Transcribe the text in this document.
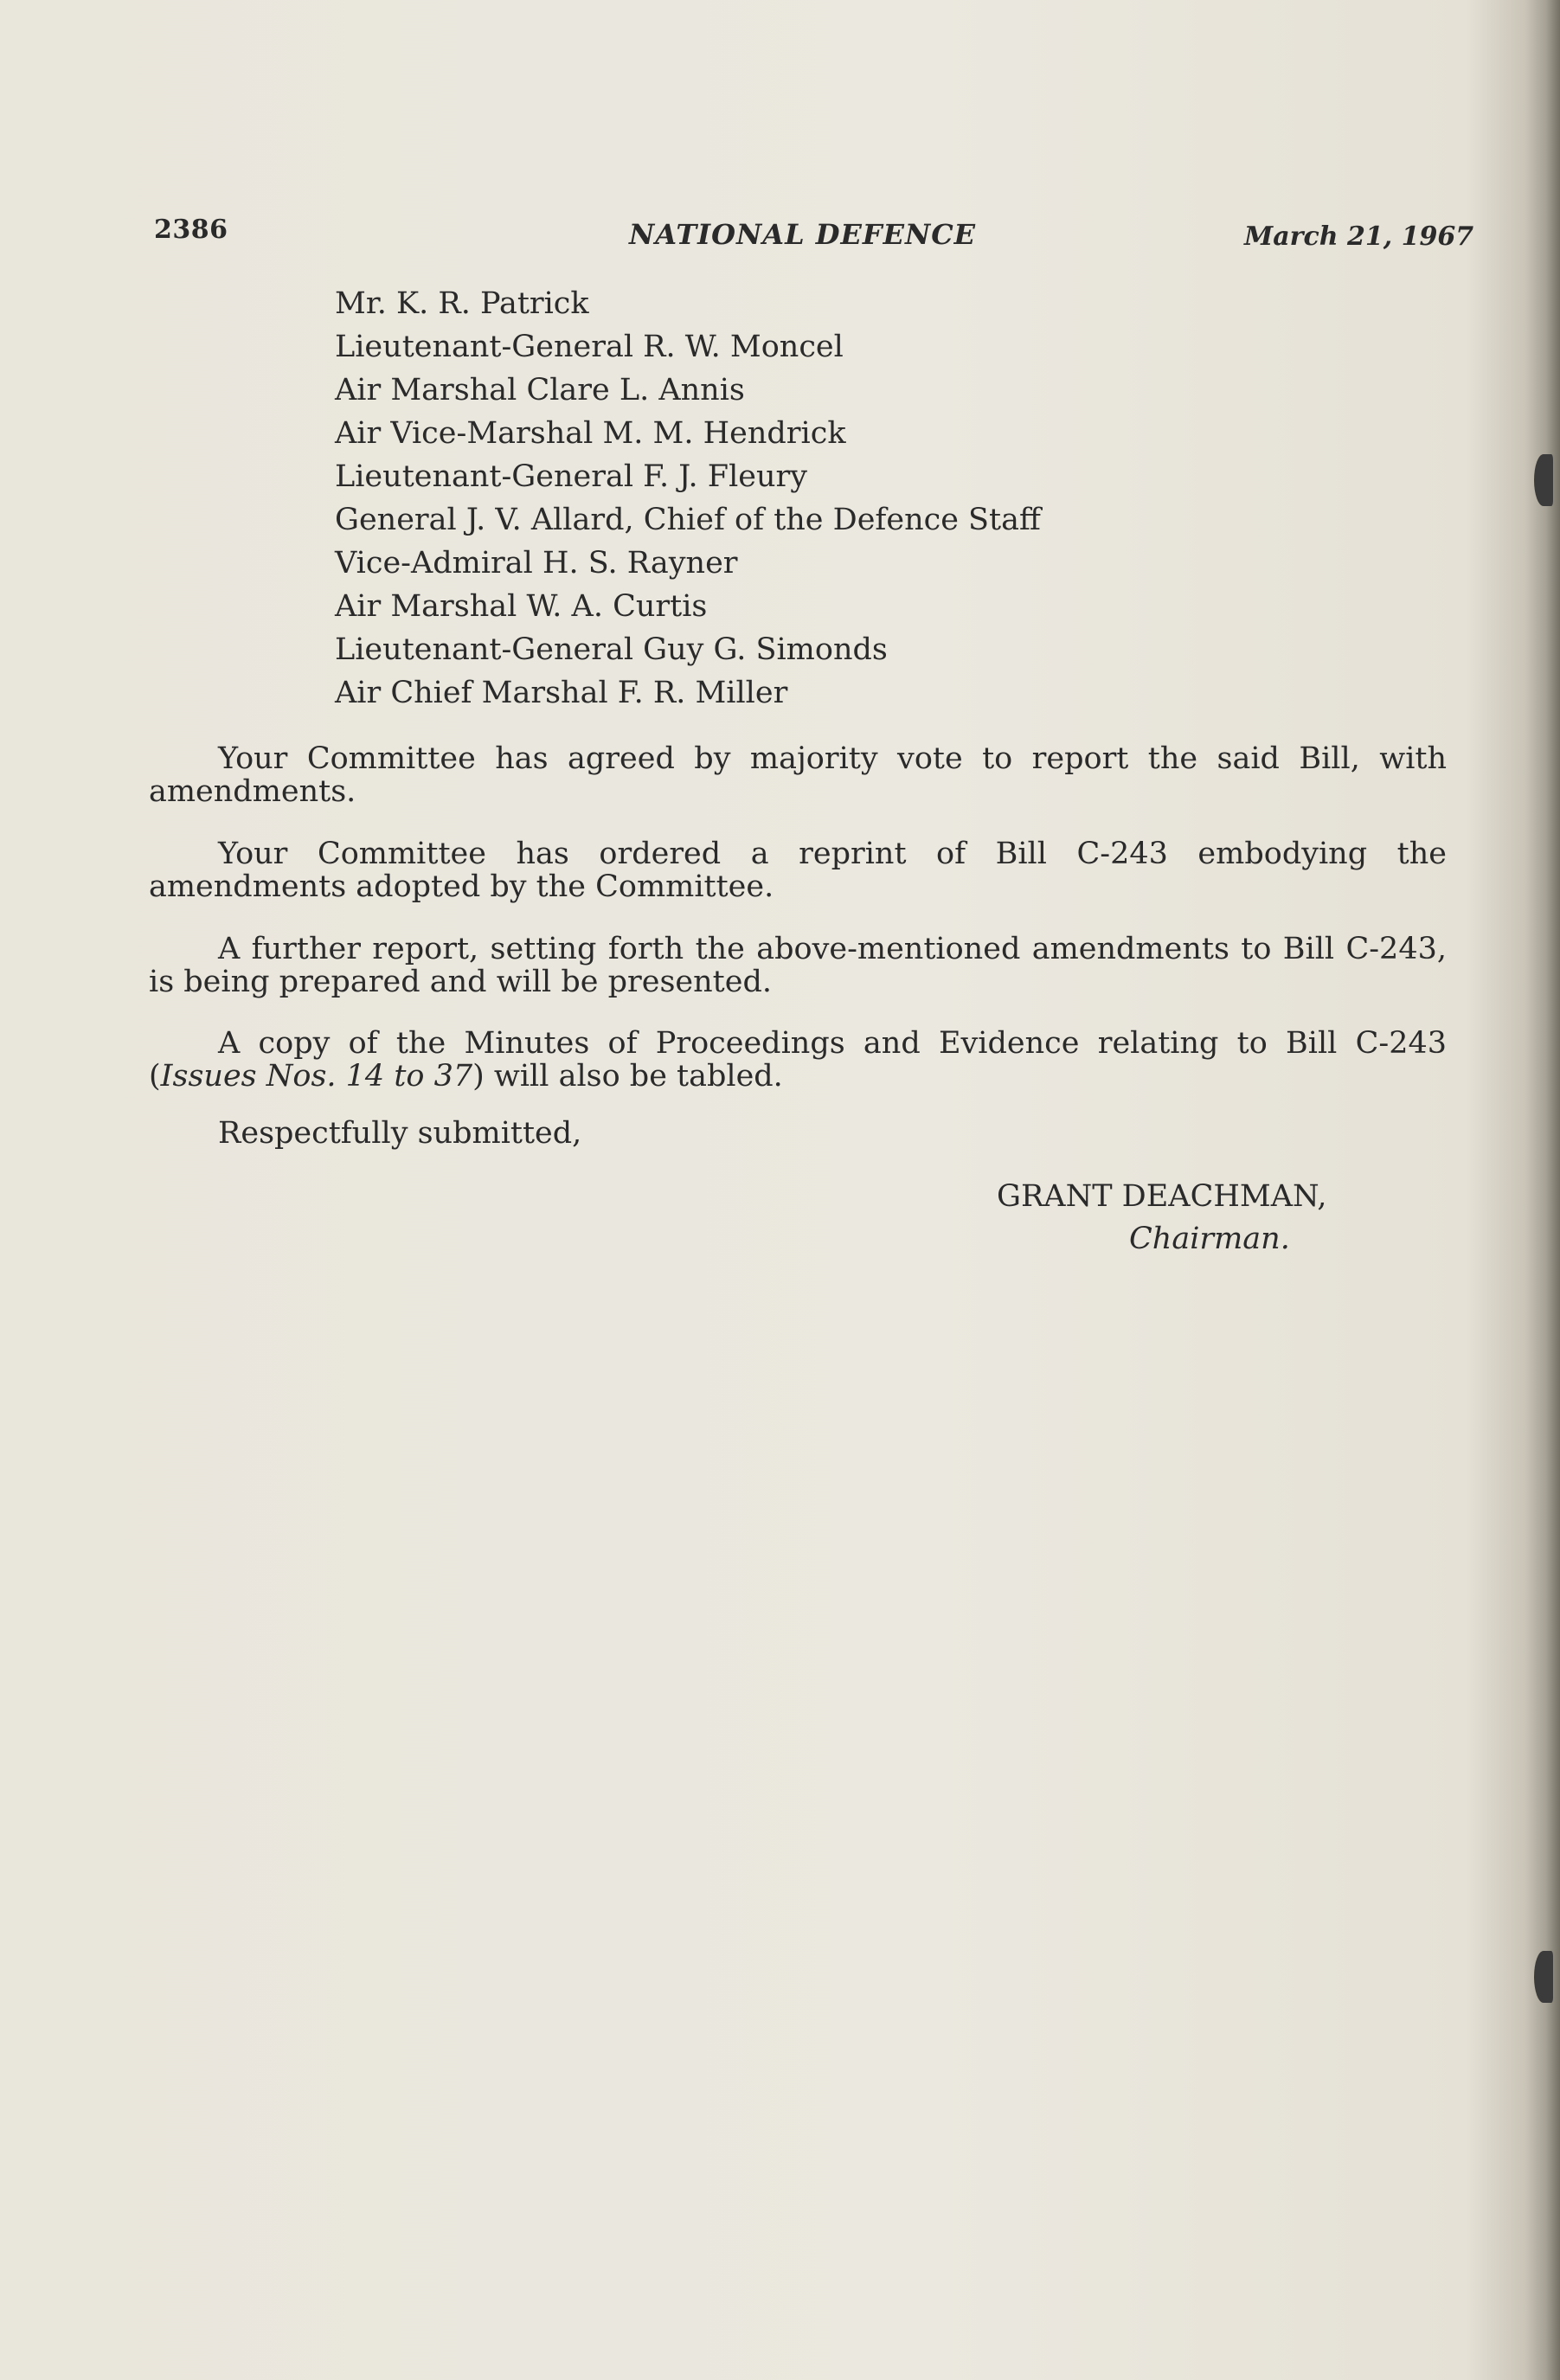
2386	NATIONAL DEFENCE	March 21, 1967
Mr. K. R. Patrick
Lieutenant-General R. W. Moncel
Air Marshal Clare L. Annis
Air Vice-Marshal M. M. Hendrick
Lieutenant-General F. J. Fleury
General J. V. Allard, Chief of the Defence Staff
Vice-Admiral H. S. Rayner
Air Marshal W. A. Curtis
Lieutenant-General Guy G. Simonds
Air Chief Marshal F. R. Miller

Your Committee has agreed by majority vote to report the said Bill, with amendments.

Your Committee has ordered a reprint of Bill C-243 embodying the amendments adopted by the Committee.

A further report, setting forth the above-mentioned amendments to Bill C-243, is being prepared and will be presented.

A copy of the Minutes of Proceedings and Evidence relating to Bill C-243 (Issues Nos. 14 to 37) will also be tabled.

Respectfully submitted,

GRANT DEACHMAN,
Chairman.
